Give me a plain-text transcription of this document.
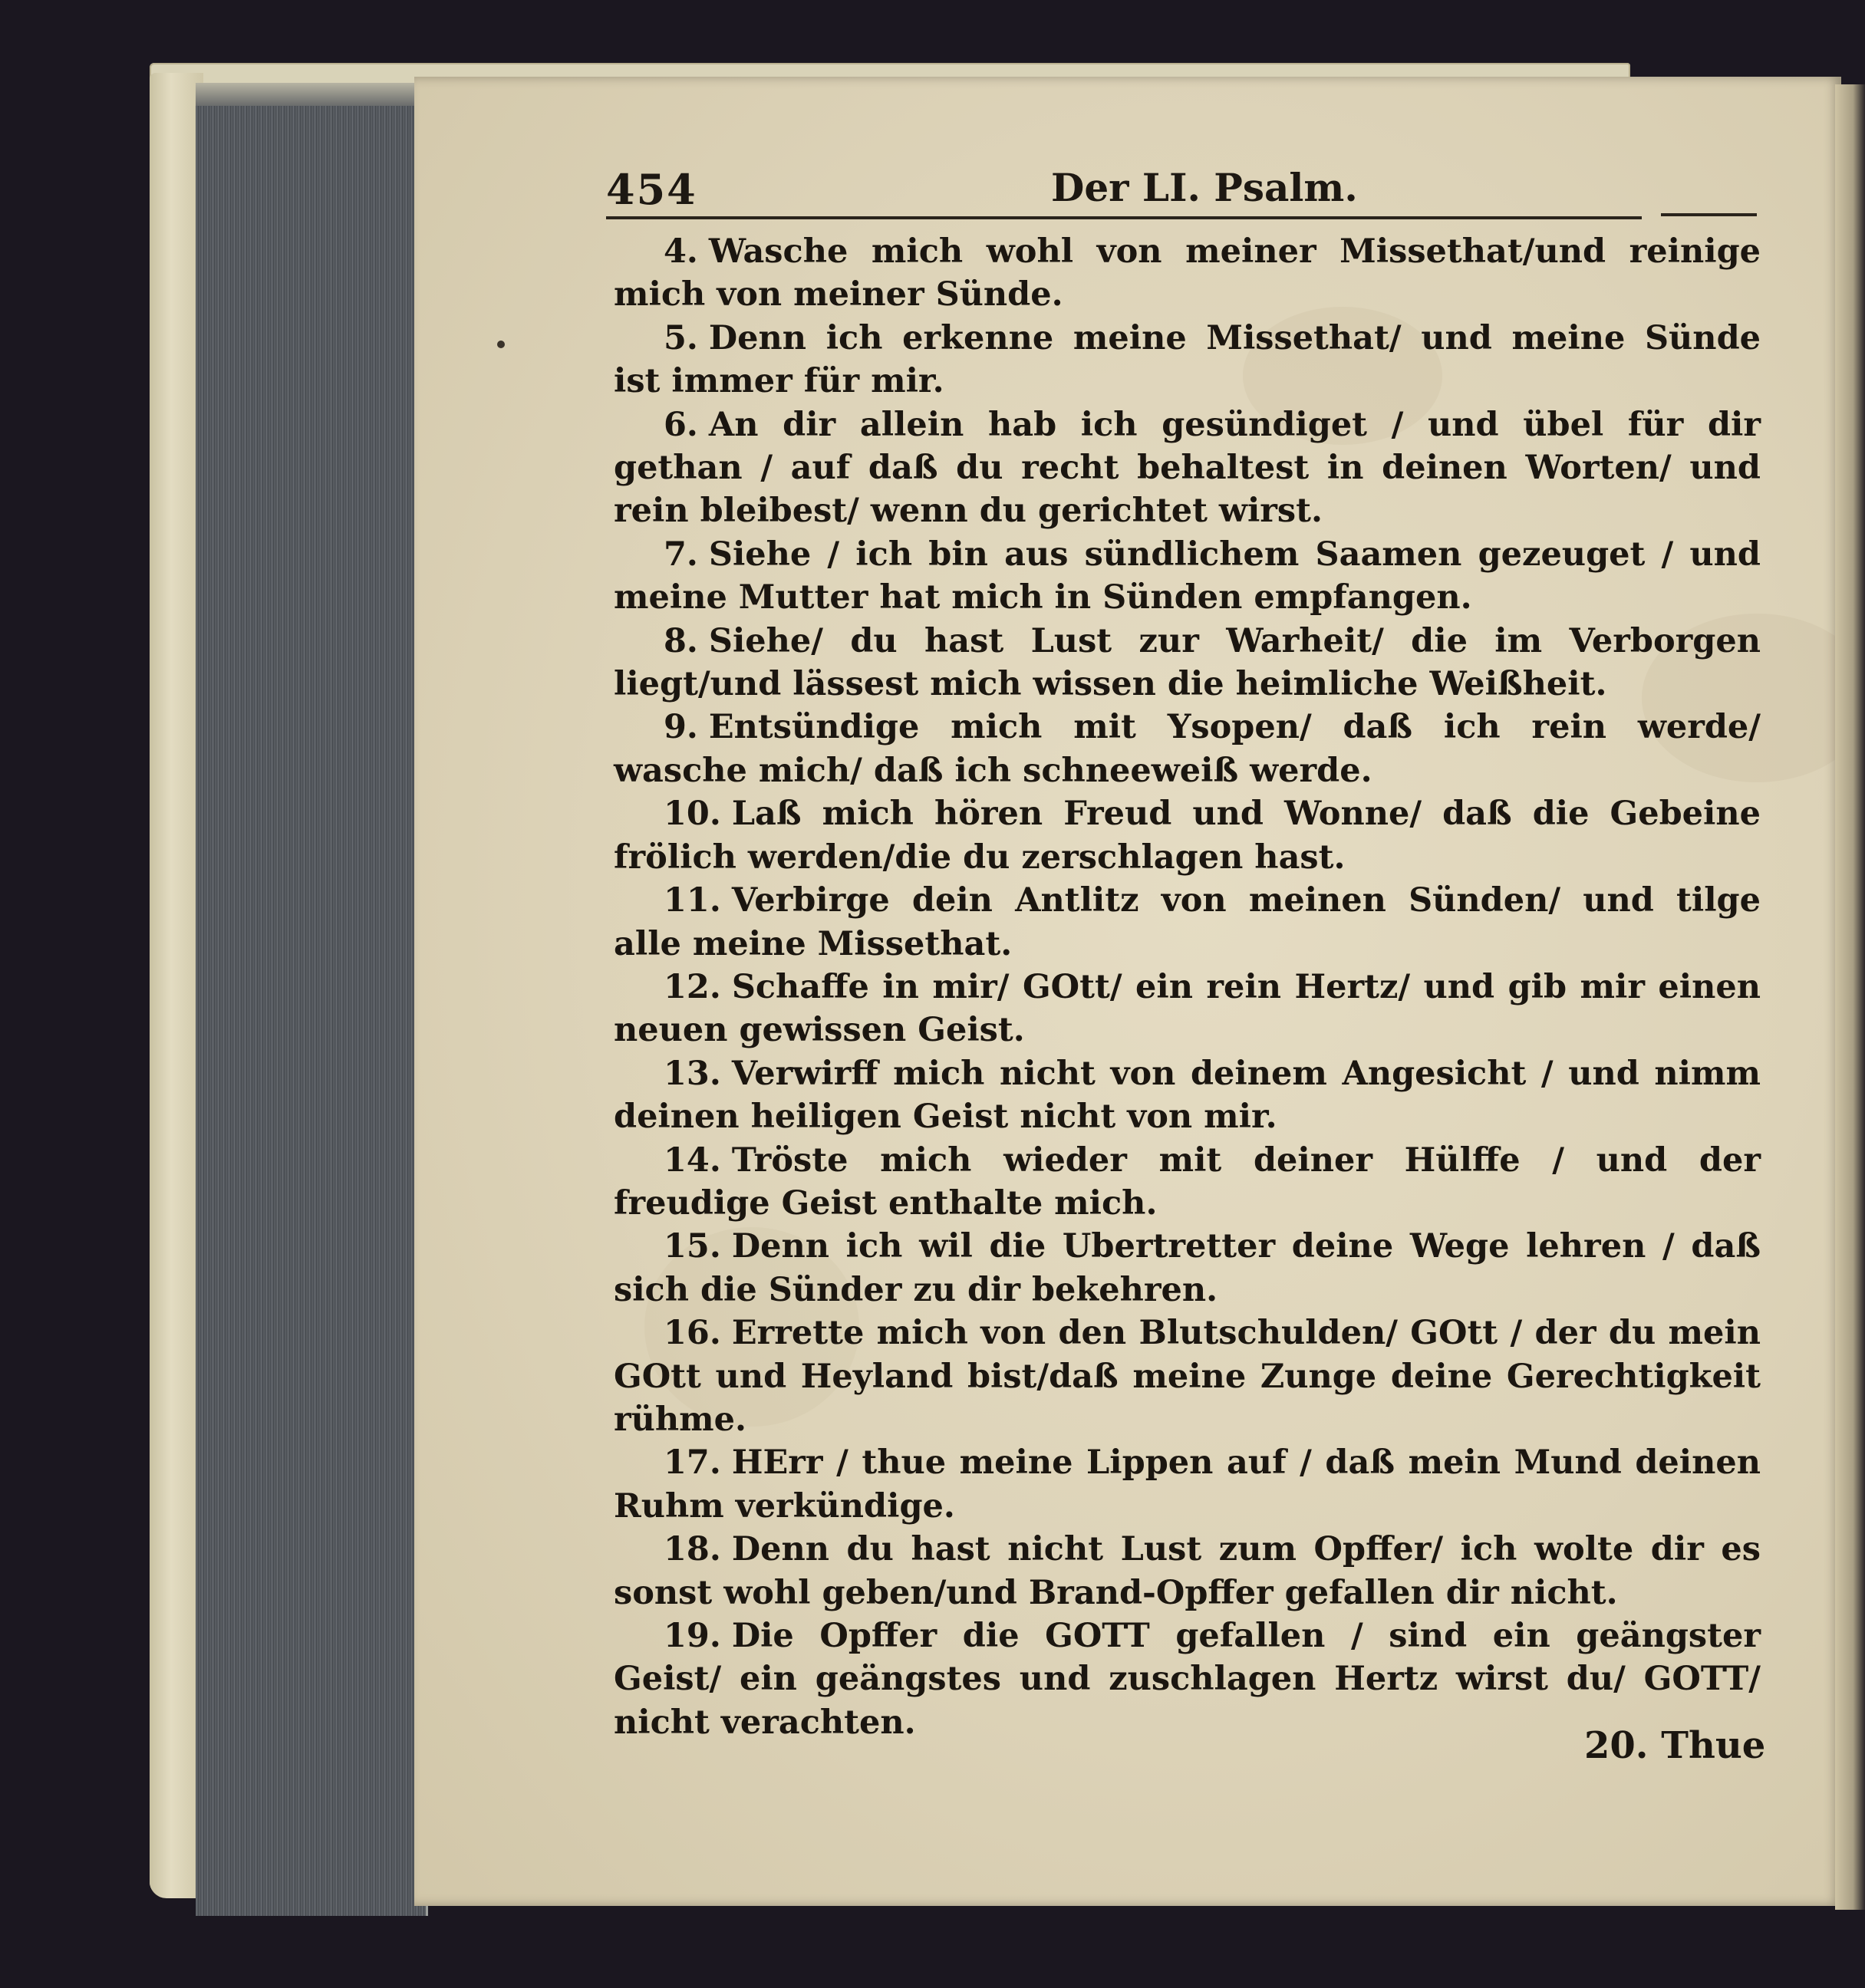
454	Der LI. Psalm.

4. Wasche mich wohl von meiner Missethat/und reinige mich von meiner Sünde.

5. Denn ich erkenne meine Missethat/ und meine Sünde ist immer für mir.

6. An dir allein hab ich gesündiget / und übel für dir gethan / auf daß du recht behaltest in deinen Worten/ und rein bleibest/ wenn du gerichtet wirst.

7. Siehe / ich bin aus sündlichem Saamen gezeuget / und meine Mutter hat mich in Sünden empfangen.

8. Siehe/ du hast Lust zur Warheit/ die im Verborgen liegt/und lässest mich wissen die heimliche Weißheit.

9. Entsündige mich mit Ysopen/ daß ich rein werde/ wasche mich/ daß ich schneeweiß werde.

10. Laß mich hören Freud und Wonne/ daß die Gebeine frölich werden/die du zerschlagen hast.

11. Verbirge dein Antlitz von meinen Sünden/ und tilge alle meine Missethat.

12. Schaffe in mir/ GOtt/ ein rein Hertz/ und gib mir einen neuen gewissen Geist.

13. Verwirff mich nicht von deinem Angesicht / und nimm deinen heiligen Geist nicht von mir.

14. Tröste mich wieder mit deiner Hülffe / und der freudige Geist enthalte mich.

15. Denn ich wil die Ubertretter deine Wege lehren / daß sich die Sünder zu dir bekehren.

16. Errette mich von den Blutschulden/ GOtt / der du mein GOtt und Heyland bist/daß meine Zunge deine Gerechtigkeit rühme.

17. HErr / thue meine Lippen auf / daß mein Mund deinen Ruhm verkündige.

18. Denn du hast nicht Lust zum Opffer/ ich wolte dir es sonst wohl geben/und Brand-Opffer gefallen dir nicht.

19. Die Opffer die GOTT gefallen / sind ein geängster Geist/ ein geängstes und zuschlagen Hertz wirst du/ GOTT/ nicht verachten.

20. Thue
